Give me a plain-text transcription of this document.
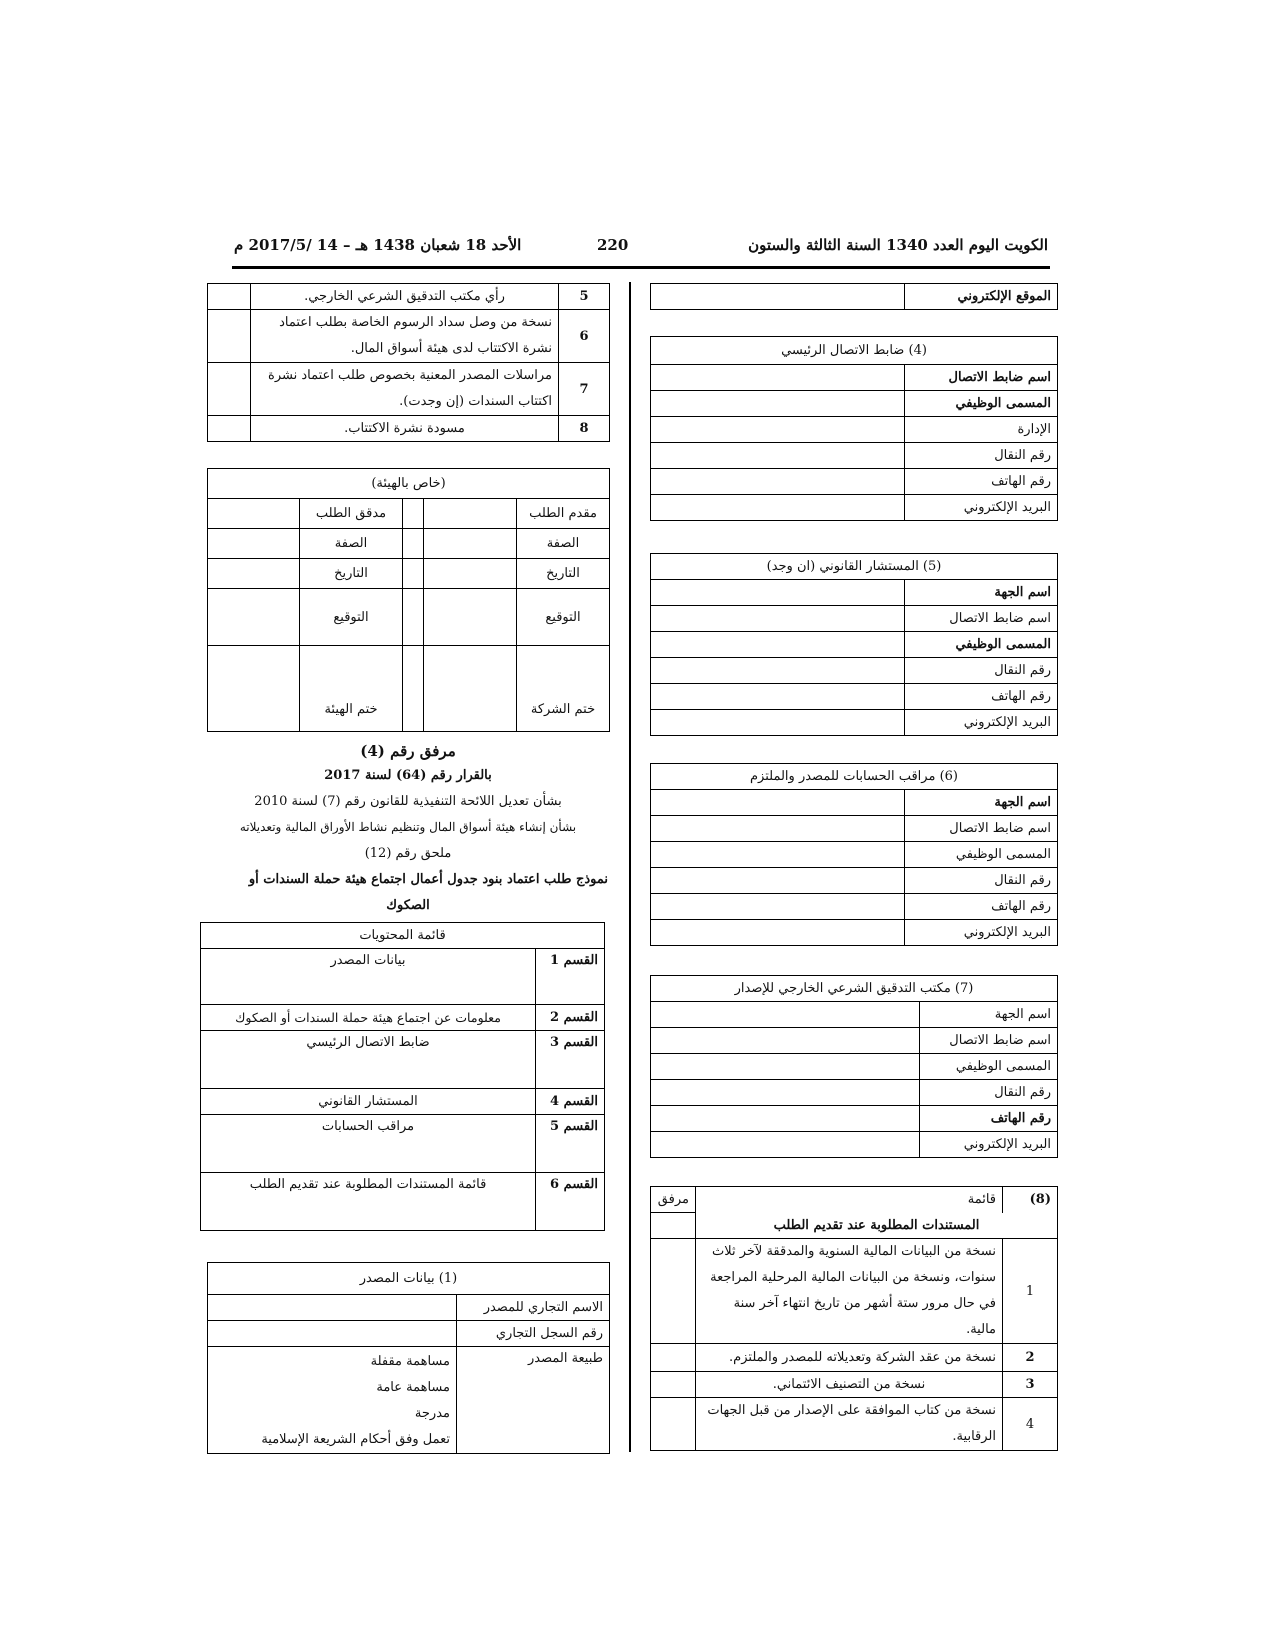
الكويت اليوم العدد 1340 السنة الثالثة والستون
220
الأحد 18 شعبان 1438 هـ – 14 /2017/5 م
الموقع الإلكتروني	
(4) ضابط الاتصال الرئيسي	
اسم ضابط الاتصال	
المسمى الوظيفي	
الإدارة	
رقم النقال	
رقم الهاتف	
البريد الإلكتروني	
(5) المستشار القانوني (ان وجد)	
اسم الجهة	
اسم ضابط الاتصال	
المسمى الوظيفي	
رقم النقال	
رقم الهاتف	
البريد الإلكتروني	
(6) مراقب الحسابات للمصدر والملتزم	
اسم الجهة	
اسم ضابط الاتصال	
المسمى الوظيفي	
رقم النقال	
رقم الهاتف	
البريد الإلكتروني	
(7) مكتب التدقيق الشرعي الخارجي للإصدار	
اسم الجهة	
اسم ضابط الاتصال	
المسمى الوظيفي	
رقم النقال	
رقم الهاتف	
البريد الإلكتروني	
(8)	قائمة	مرفق
المستندات المطلوبة عند تقديم الطلب		
1	نسخة من البيانات المالية السنوية والمدققة لآخر ثلاث سنوات، ونسخة من البيانات المالية المرحلية المراجعة في حال مرور ستة أشهر من تاريخ انتهاء آخر سنة مالية.	
2	نسخة من عقد الشركة وتعديلاته للمصدر والملتزم.	
3	نسخة من التصنيف الائتماني.	
4	نسخة من كتاب الموافقة على الإصدار من قبل الجهات الرقابية.	
5	رأي مكتب التدقيق الشرعي الخارجي.	
6	نسخة من وصل سداد الرسوم الخاصة بطلب اعتماد نشرة الاكتتاب لدى هيئة أسواق المال.	
7	مراسلات المصدر المعنية بخصوص طلب اعتماد نشرة اكتتاب السندات (إن وجدت).	
8	مسودة نشرة الاكتتاب.	
(خاص بالهيئة)				
مقدم الطلب			مدقق الطلب	
الصفة			الصفة	
التاريخ			التاريخ	
التوقيع			التوقيع	
ختم الشركة			ختم الهيئة	
مرفق رقم (4)
بالقرار رقم (64) لسنة 2017
بشأن تعديل اللائحة التنفيذية للقانون رقم (7) لسنة 2010
بشأن إنشاء هيئة أسواق المال وتنظيم نشاط الأوراق المالية وتعديلاته
ملحق رقم (12)
نموذج طلب اعتماد بنود جدول أعمال اجتماع هيئة حملة السندات أو
الصكوك
قائمة المحتويات	
القسم 1	بيانات المصدر
القسم 2	معلومات عن اجتماع هيئة حملة السندات أو الصكوك
القسم 3	ضابط الاتصال الرئيسي
القسم 4	المستشار القانوني
القسم 5	مراقب الحسابات
القسم 6	قائمة المستندات المطلوبة عند تقديم الطلب
(1) بيانات المصدر	
الاسم التجاري للمصدر	
رقم السجل التجاري	
طبيعة المصدر	مساهمة مقفلة
مساهمة عامة
مدرجة
تعمل وفق أحكام الشريعة الإسلامية
